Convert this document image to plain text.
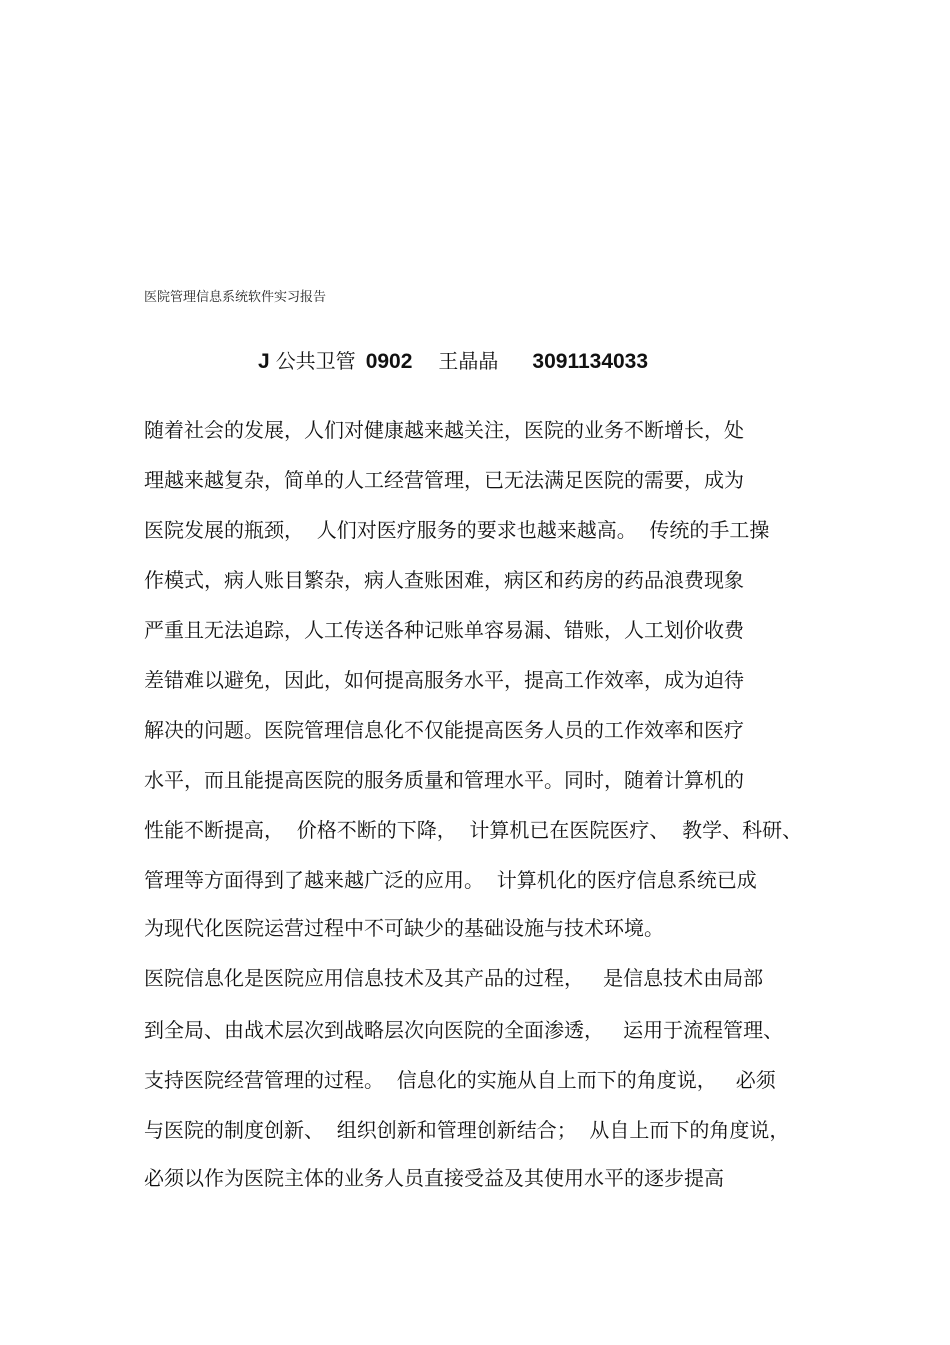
医院管理信息系统软件实习报告
J 公共卫管 0902 王晶晶 3091134033
随着社会的发展，人们对健康越来越关注，医院的业务不断增长，处
理越来越复杂，简单的人工经营管理，已无法满足医院的需要，成为
医院发展的瓶颈，  人们对医疗服务的要求也越来越高。  传统的手工操
作模式，病人账目繁杂，病人查账困难，病区和药房的药品浪费现象
严重且无法追踪，人工传送各种记账单容易漏、错账，人工划价收费
差错难以避免，因此，如何提高服务水平，提高工作效率，成为迫待
解决的问题。医院管理信息化不仅能提高医务人员的工作效率和医疗
水平，而且能提高医院的服务质量和管理水平。同时，随着计算机的
性能不断提高，  价格不断的下降，  计算机已在医院医疗、  教学、科研、
管理等方面得到了越来越广泛的应用。  计算机化的医疗信息系统已成
为现代化医院运营过程中不可缺少的基础设施与技术环境。
医院信息化是医院应用信息技术及其产品的过程，   是信息技术由局部
到全局、由战术层次到战略层次向医院的全面渗透，   运用于流程管理、
支持医院经营管理的过程。  信息化的实施从自上而下的角度说，   必须
与医院的制度创新、  组织创新和管理创新结合；  从自上而下的角度说，
必须以作为医院主体的业务人员直接受益及其使用水平的逐步提高
